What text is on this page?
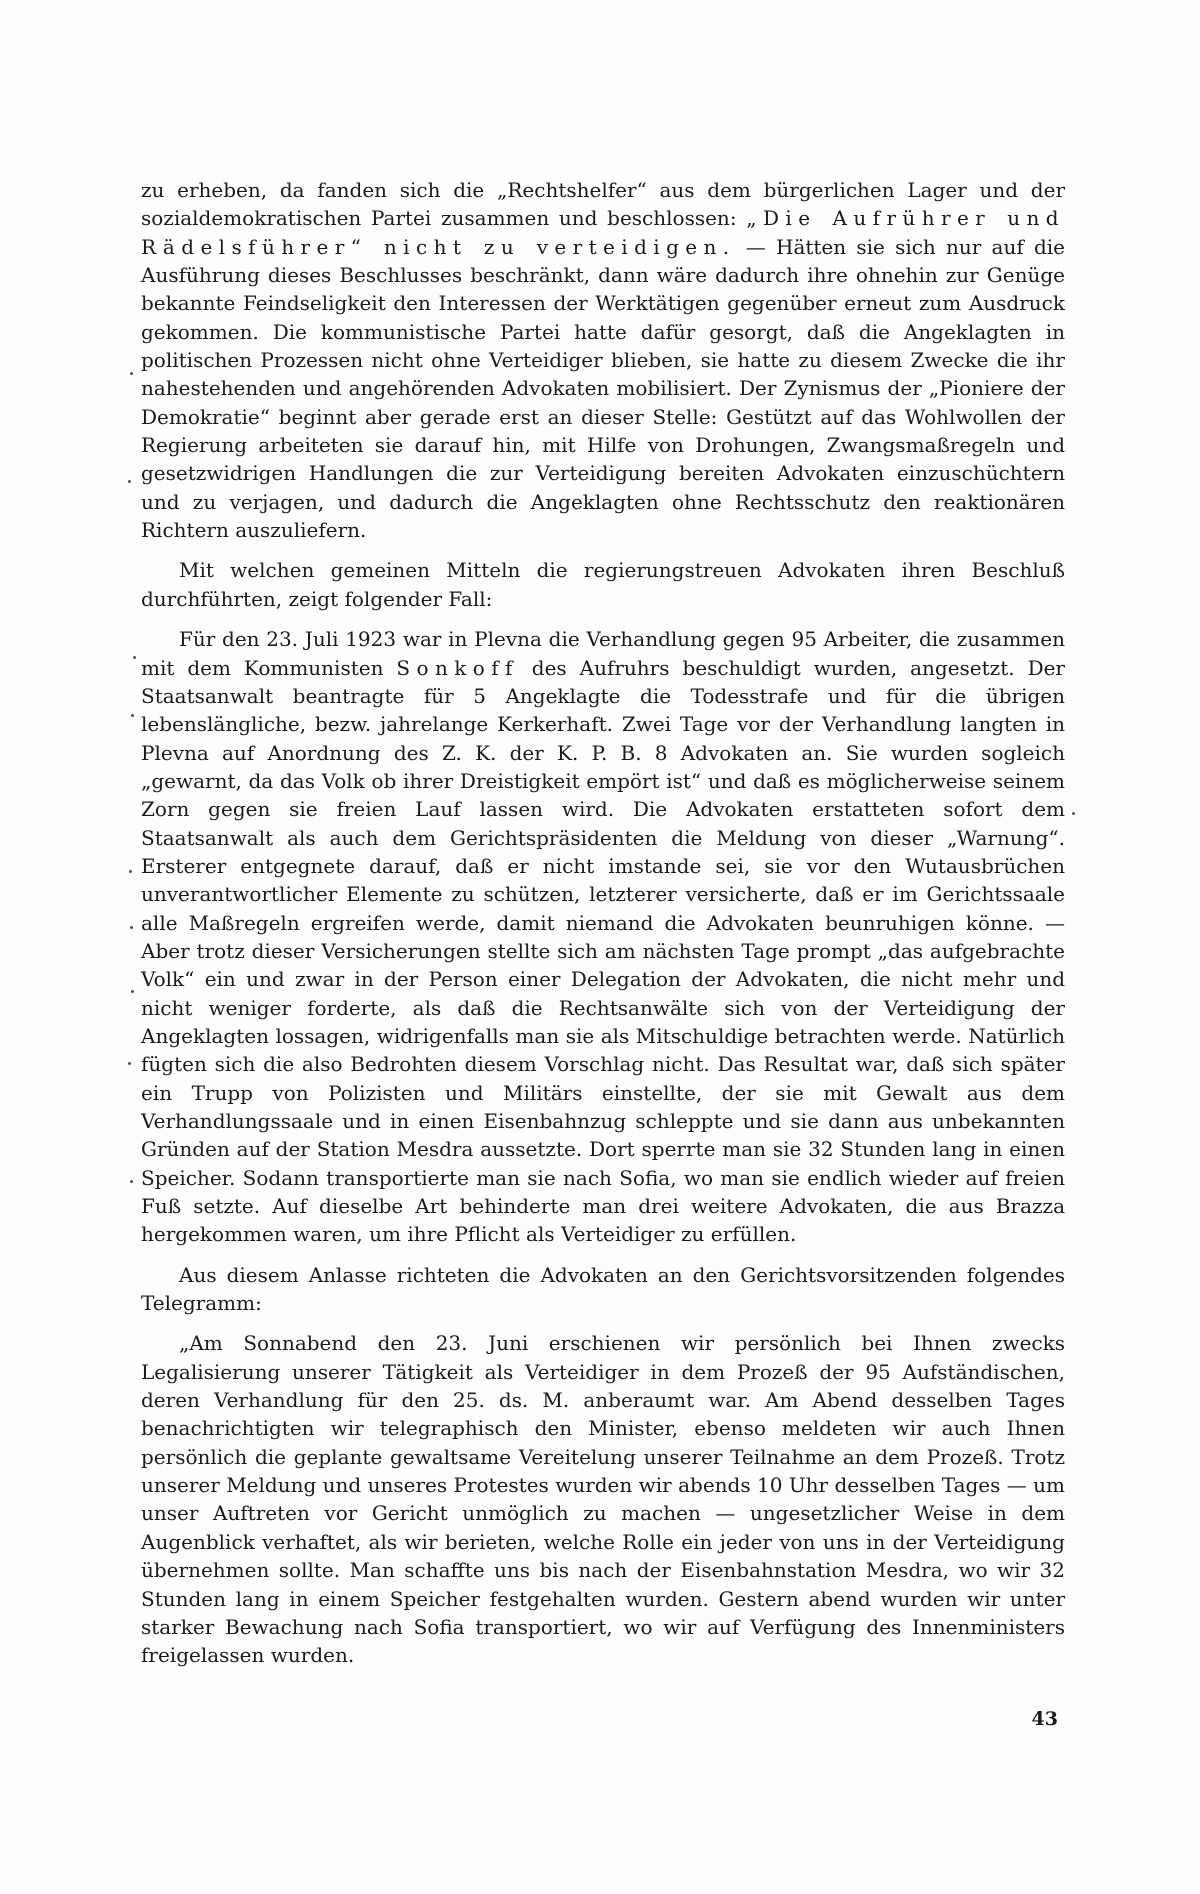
zu erheben, da fanden sich die „Rechtshelfer“ aus dem bürgerlichen Lager und der sozialdemokratischen Partei zusammen und beschlossen: „Die Aufrührer und Rädelsführer“ nicht zu verteidigen. — Hätten sie sich nur auf die Ausführung dieses Beschlusses beschränkt, dann wäre dadurch ihre ohnehin zur Genüge bekannte Feindseligkeit den Interessen der Werktätigen gegenüber erneut zum Ausdruck gekommen. Die kommunistische Partei hatte dafür gesorgt, daß die Angeklagten in politischen Prozessen nicht ohne Verteidiger blieben, sie hatte zu diesem Zwecke die ihr nahestehenden und angehörenden Advokaten mobilisiert. Der Zynismus der „Pioniere der Demokratie“ beginnt aber gerade erst an dieser Stelle: Gestützt auf das Wohlwollen der Regierung arbeiteten sie darauf hin, mit Hilfe von Drohungen, Zwangsmaßregeln und gesetzwidrigen Handlungen die zur Verteidigung bereiten Advokaten einzuschüchtern und zu verjagen, und dadurch die Angeklagten ohne Rechtsschutz den reaktionären Richtern auszuliefern.

Mit welchen gemeinen Mitteln die regierungstreuen Advokaten ihren Beschluß durchführten, zeigt folgender Fall:

Für den 23. Juli 1923 war in Plevna die Verhandlung gegen 95 Arbeiter, die zusammen mit dem Kommunisten Sonkoff des Aufruhrs beschuldigt wurden, angesetzt. Der Staatsanwalt beantragte für 5 Angeklagte die Todesstrafe und für die übrigen lebenslängliche, bezw. jahrelange Kerkerhaft. Zwei Tage vor der Verhandlung langten in Plevna auf Anordnung des Z. K. der K. P. B. 8 Advokaten an. Sie wurden sogleich „gewarnt, da das Volk ob ihrer Dreistigkeit empört ist“ und daß es möglicherweise seinem Zorn gegen sie freien Lauf lassen wird. Die Advokaten erstatteten sofort dem Staatsanwalt als auch dem Gerichtspräsidenten die Meldung von dieser „Warnung“. Ersterer entgegnete darauf, daß er nicht imstande sei, sie vor den Wutausbrüchen unverantwortlicher Elemente zu schützen, letzterer versicherte, daß er im Gerichtssaale alle Maßregeln ergreifen werde, damit niemand die Advokaten beunruhigen könne. — Aber trotz dieser Versicherungen stellte sich am nächsten Tage prompt „das aufgebrachte Volk“ ein und zwar in der Person einer Delegation der Advokaten, die nicht mehr und nicht weniger forderte, als daß die Rechtsanwälte sich von der Verteidigung der Angeklagten lossagen, widrigenfalls man sie als Mitschuldige betrachten werde. Natürlich fügten sich die also Bedrohten diesem Vorschlag nicht. Das Resultat war, daß sich später ein Trupp von Polizisten und Militärs einstellte, der sie mit Gewalt aus dem Verhandlungssaale und in einen Eisenbahnzug schleppte und sie dann aus unbekannten Gründen auf der Station Mesdra aussetzte. Dort sperrte man sie 32 Stunden lang in einen Speicher. Sodann transportierte man sie nach Sofia, wo man sie endlich wieder auf freien Fuß setzte. Auf dieselbe Art behinderte man drei weitere Advokaten, die aus Brazza hergekommen waren, um ihre Pflicht als Verteidiger zu erfüllen.

Aus diesem Anlasse richteten die Advokaten an den Gerichtsvorsitzenden folgendes Telegramm:

„Am Sonnabend den 23. Juni erschienen wir persönlich bei Ihnen zwecks Legalisierung unserer Tätigkeit als Verteidiger in dem Prozeß der 95 Aufständischen, deren Verhandlung für den 25. ds. M. anberaumt war. Am Abend desselben Tages benachrichtigten wir telegraphisch den Minister, ebenso meldeten wir auch Ihnen persönlich die geplante gewaltsame Vereitelung unserer Teilnahme an dem Prozeß. Trotz unserer Meldung und unseres Protestes wurden wir abends 10 Uhr desselben Tages — um unser Auftreten vor Gericht unmöglich zu machen — ungesetzlicher Weise in dem Augenblick verhaftet, als wir berieten, welche Rolle ein jeder von uns in der Verteidigung übernehmen sollte. Man schaffte uns bis nach der Eisenbahnstation Mesdra, wo wir 32 Stunden lang in einem Speicher festgehalten wurden. Gestern abend wurden wir unter starker Bewachung nach Sofia transportiert, wo wir auf Verfügung des Innenministers freigelassen wurden.

43
